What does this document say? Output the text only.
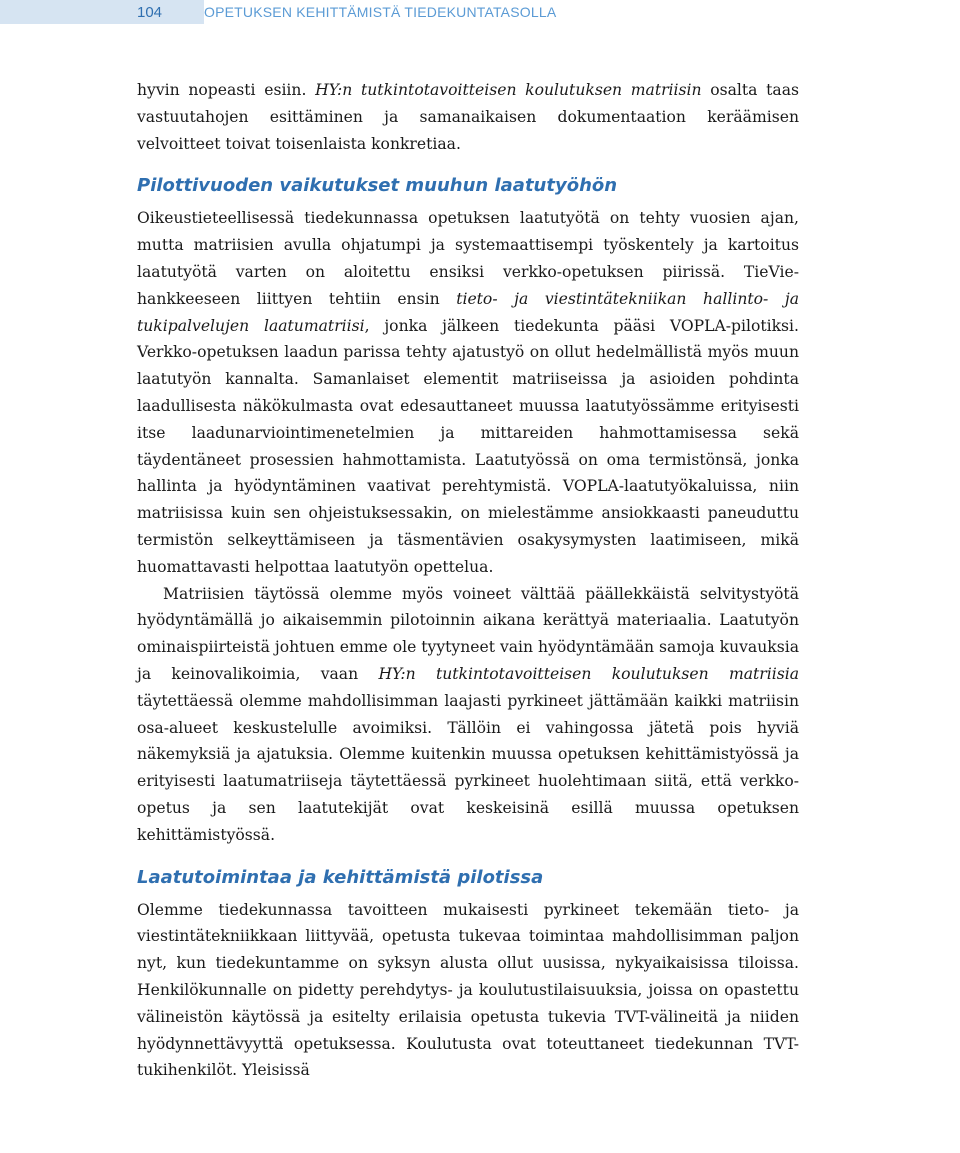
104	OPETUKSEN KEHITTÄMISTÄ TIEDEKUNTATASOLLA

hyvin nopeasti esiin. HY:n tutkintotavoitteisen koulutuksen matriisin osalta taas vastuutahojen esittäminen ja samanaikaisen dokumentaation keräämisen velvoitteet toivat toisenlaista konkretiaa.

Pilottivuoden vaikutukset muuhun laatutyöhön

Oikeustieteellisessä tiedekunnassa opetuksen laatutyötä on tehty vuosien ajan, mutta matriisien avulla ohjatumpi ja systemaattisempi työskentely ja kartoitus laatutyötä varten on aloitettu ensiksi verkko-opetuksen piirissä. TieVie-hankkeeseen liittyen tehtiin ensin tieto- ja viestintätekniikan hallinto- ja tukipalvelujen laatumatriisi, jonka jälkeen tiedekunta pääsi VOPLA-pilotiksi. Verkko-opetuksen laadun parissa tehty ajatustyö on ollut hedelmällistä myös muun laatutyön kannalta. Samanlaiset elementit matriiseissa ja asioiden pohdinta laadullisesta näkökulmasta ovat edesauttaneet muussa laatutyössämme erityisesti itse laadunarviointimenetelmien ja mittareiden hahmottamisessa sekä täydentäneet prosessien hahmottamista. Laatutyössä on oma termistönsä, jonka hallinta ja hyödyntäminen vaativat perehtymistä. VOPLA-laatutyökaluissa, niin matriisissa kuin sen ohjeistuksessakin, on mielestämme ansiokkaasti paneuduttu termistön selkeyttämiseen ja täsmentävien osakysymysten laatimiseen, mikä huomattavasti helpottaa laatutyön opettelua.

Matriisien täytössä olemme myös voineet välttää päällekkäistä selvitystyötä hyödyntämällä jo aikaisemmin pilotoinnin aikana kerättyä materiaalia. Laatutyön ominaispiirteistä johtuen emme ole tyytyneet vain hyödyntämään samoja kuvauksia ja keinovalikoimia, vaan HY:n tutkintotavoitteisen koulutuksen matriisia täytettäessä olemme mahdollisimman laajasti pyrkineet jättämään kaikki matriisin osa-alueet keskustelulle avoimiksi. Tällöin ei vahingossa jätetä pois hyviä näkemyksiä ja ajatuksia. Olemme kuitenkin muussa opetuksen kehittämistyössä ja erityisesti laatumatriiseja täytettäessä pyrkineet huolehtimaan siitä, että verkko-opetus ja sen laatutekijät ovat keskeisinä esillä muussa opetuksen kehittämistyössä.

Laatutoimintaa ja kehittämistä pilotissa

Olemme tiedekunnassa tavoitteen mukaisesti pyrkineet tekemään tieto- ja viestintätekniikkaan liittyvää, opetusta tukevaa toimintaa mahdollisimman paljon nyt, kun tiedekuntamme on syksyn alusta ollut uusissa, nykyaikaisissa tiloissa. Henkilökunnalle on pidetty perehdytys- ja koulutustilaisuuksia, joissa on opastettu välineistön käytössä ja esitelty erilaisia opetusta tukevia TVT-välineitä ja niiden hyödynnettävyyttä opetuksessa. Koulutusta ovat toteuttaneet tiedekunnan TVT-tukihenkilöt. Yleisissä
